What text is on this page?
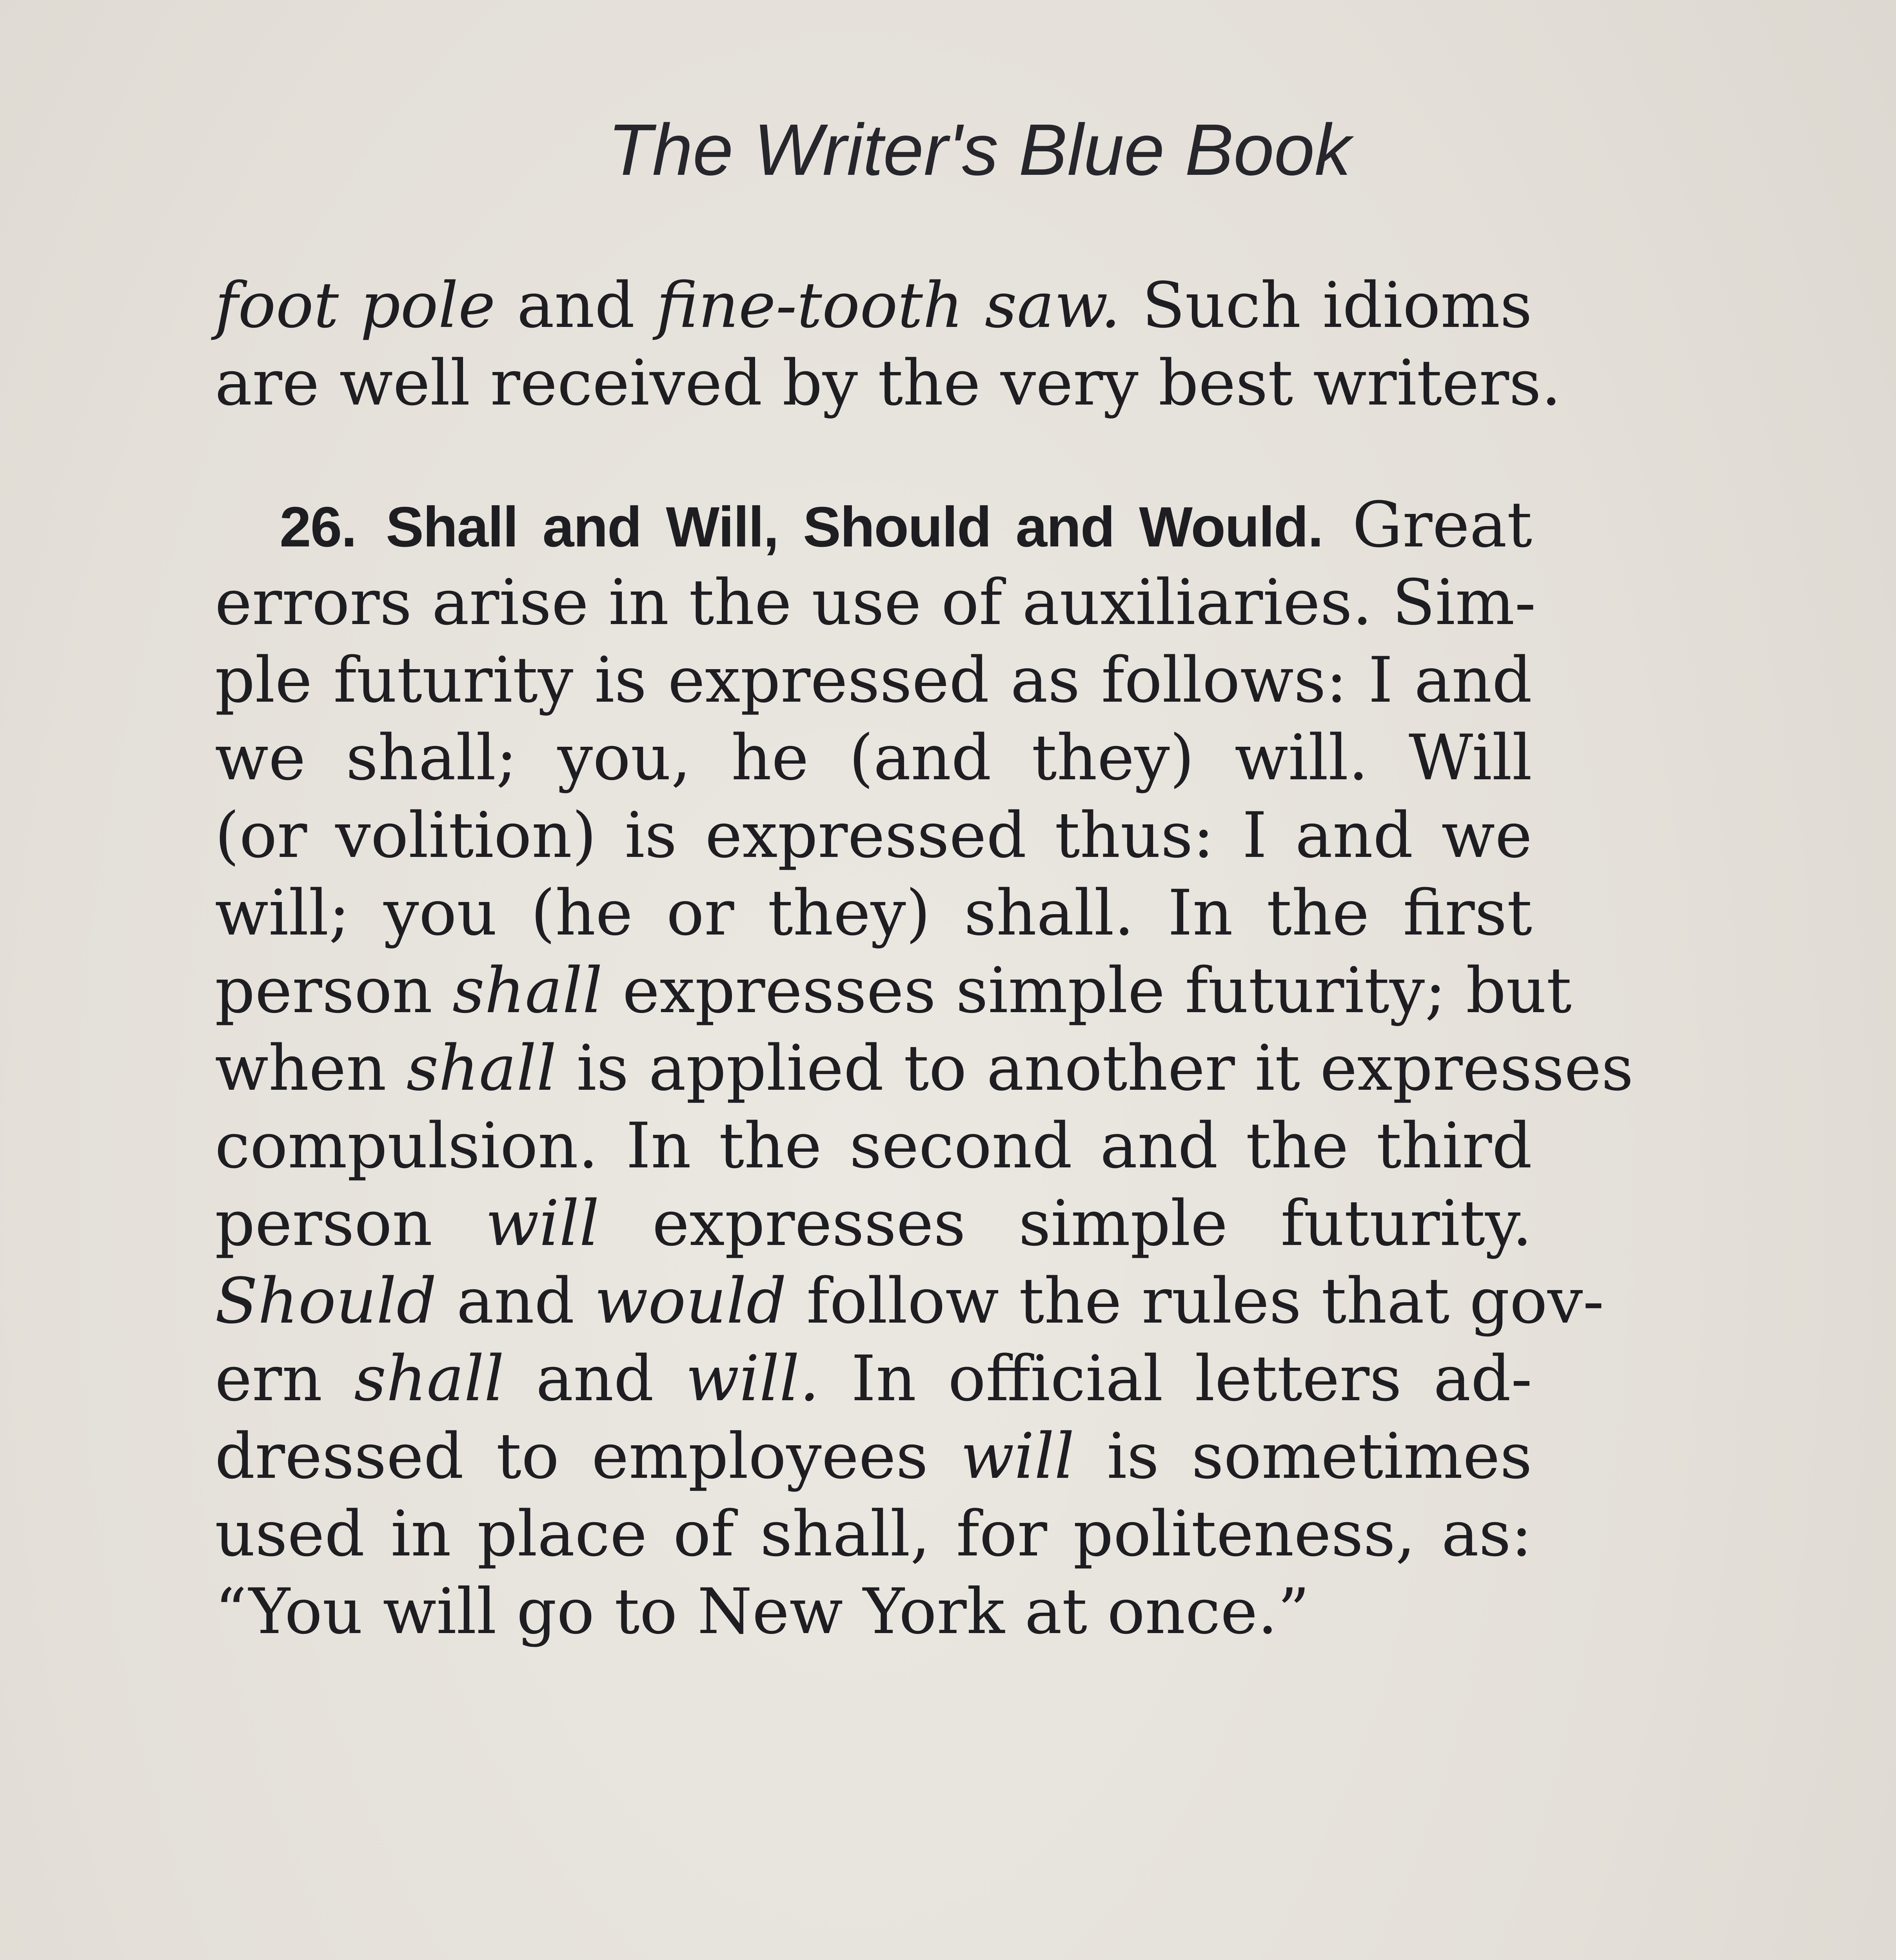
The Writer's Blue Book
foot pole and fine-tooth saw. Such idioms
are well received by the very best writers.
26. Shall and Will, Should and Would. Great
errors arise in the use of auxiliaries. Sim-
ple futurity is expressed as follows: I and
we shall; you, he (and they) will. Will
(or volition) is expressed thus: I and we
will; you (he or they) shall. In the first
person shall expresses simple futurity; but
when shall is applied to another it expresses
compulsion. In the second and the third
person will expresses simple futurity.
Should and would follow the rules that gov-
ern shall and will. In official letters ad-
dressed to employees will is sometimes
used in place of shall, for politeness, as:
“You will go to New York at once.”
